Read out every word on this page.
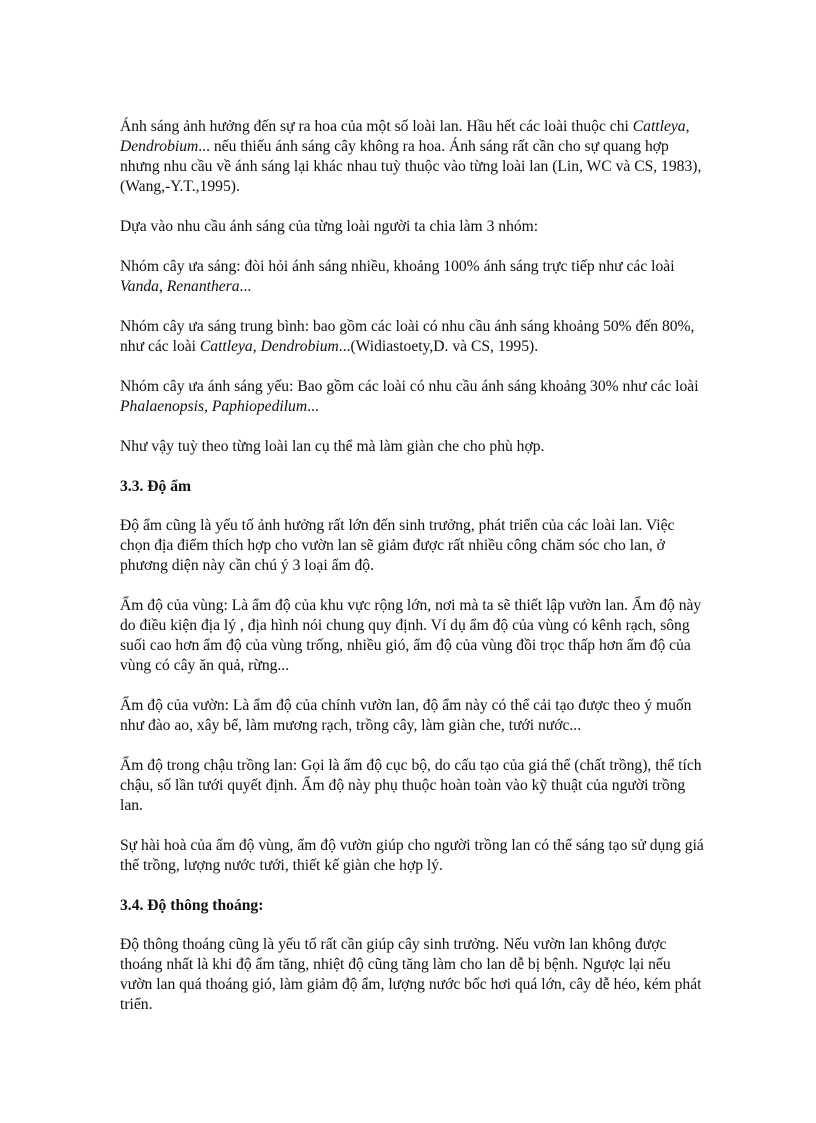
Ánh sáng ảnh hưởng đến sự ra hoa của một số loài lan. Hầu hết các loài thuộc chi Cattleya, Dendrobium... nếu thiếu ánh sáng cây không ra hoa. Ánh sáng rất cần cho sự quang hợp nhưng nhu cầu về ánh sáng lại khác nhau tuỳ thuộc vào từng loài lan (Lin, WC và CS, 1983),(Wang,-Y.T.,1995).

Dựa vào nhu cầu ánh sáng của từng loài người ta chia làm 3 nhóm:

Nhóm cây ưa sáng: đòi hỏi ánh sáng nhiều, khoảng 100% ánh sáng trực tiếp như các loài Vanda, Renanthera...

Nhóm cây ưa sáng trung bình: bao gồm các loài có nhu cầu ánh sáng khoảng 50% đến 80%, như các loài Cattleya, Dendrobium...(Widiastoety,D. và CS, 1995).

Nhóm cây ưa ánh sáng yếu: Bao gồm các loài có nhu cầu ánh sáng khoảng 30% như các loài Phalaenopsis, Paphiopedilum...

Như vậy tuỳ theo từng loài lan cụ thể mà làm giàn che cho phù hợp.

3.3. Độ ẩm

Độ ẩm cũng là yếu tố ảnh hưởng rất lớn đến sinh trưởng, phát triển của các loài lan. Việc chọn địa điểm thích hợp cho vườn lan sẽ giảm được rất nhiều công chăm sóc cho lan, ở phương diện này cần chú ý 3 loại ẩm độ.

Ẩm độ của vùng: Là ẩm độ của khu vực rộng lớn, nơi mà ta sẽ thiết lập vườn lan. Ẩm độ này do điều kiện địa lý , địa hình nói chung quy định. Ví dụ ẩm độ của vùng có kênh rạch, sông suối cao hơn ẩm độ của vùng trống, nhiều gió, ẩm độ của vùng đồi trọc thấp hơn ẩm độ của vùng có cây ăn quả, rừng...

Ẩm độ của vườn: Là ẩm độ của chính vườn lan, độ ẩm này có thể cải tạo được theo ý muốn như đào ao, xây bể, làm mương rạch, trồng cây, làm giàn che, tưới nước...

Ẩm độ trong chậu trồng lan: Gọi là ẩm độ cục bộ, do cấu tạo của giá thể (chất trồng), thể tích chậu, số lần tưới quyết định. Ẩm độ này phụ thuộc hoàn toàn vào kỹ thuật của người trồng lan.

Sự hài hoà của ẩm độ vùng, ẩm độ vườn giúp cho người trồng lan có thể sáng tạo sử dụng giá thể trồng, lượng nước tưới, thiết kế giàn che hợp lý.

3.4. Độ thông thoáng:

Độ thông thoáng cũng là yếu tố rất cần giúp cây sinh trưởng. Nếu vườn lan không được thoáng nhất là khi độ ẩm tăng, nhiệt độ cũng tăng làm cho lan dễ bị bệnh. Ngược lại nếu vườn lan quá thoáng gió, làm giảm độ ẩm, lượng nước bốc hơi quá lớn, cây dễ héo, kém phát triển.
